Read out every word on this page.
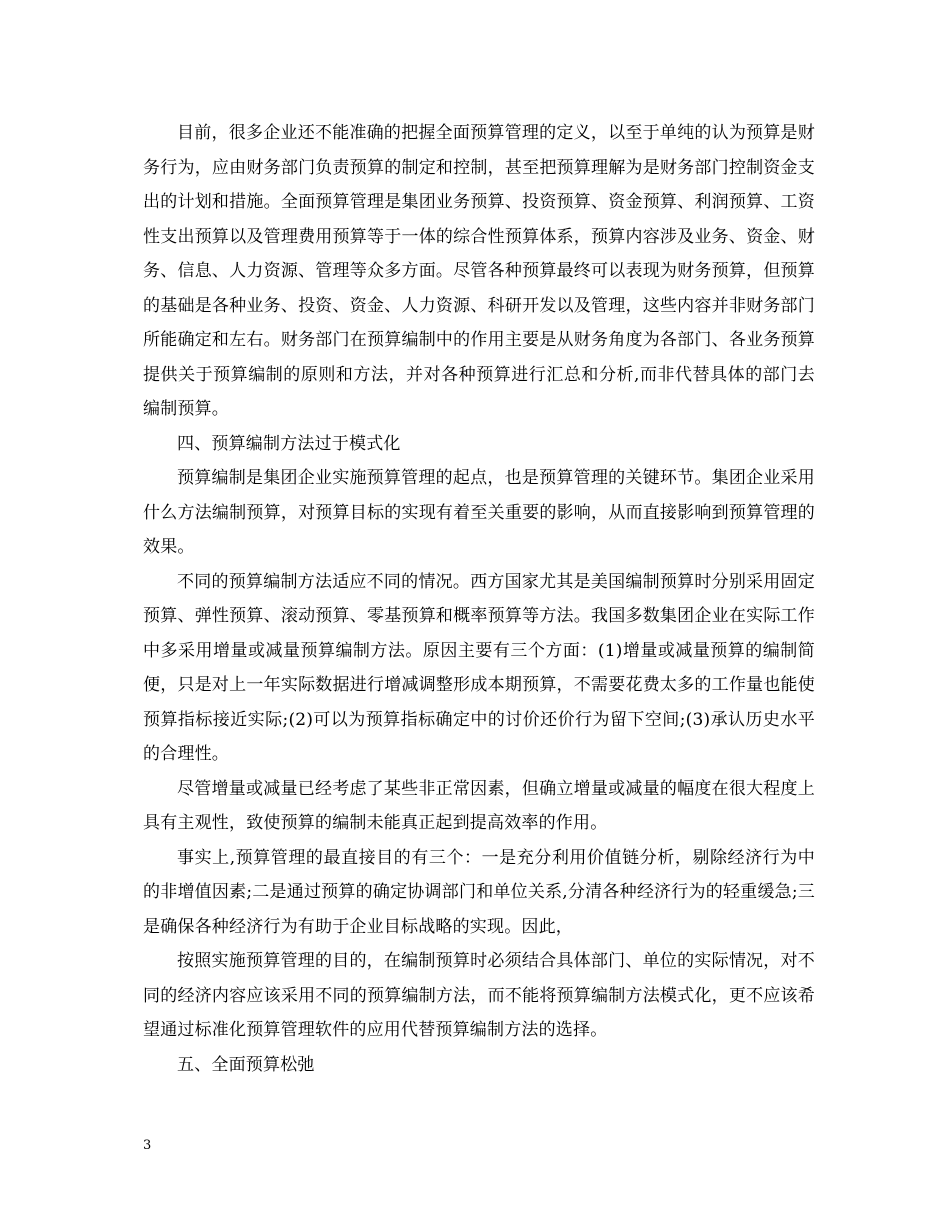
目前，很多企业还不能准确的把握全面预算管理的定义，以至于单纯的认为预算是财务行为，应由财务部门负责预算的制定和控制，甚至把预算理解为是财务部门控制资金支出的计划和措施。全面预算管理是集团业务预算、投资预算、资金预算、利润预算、工资性支出预算以及管理费用预算等于一体的综合性预算体系，预算内容涉及业务、资金、财务、信息、人力资源、管理等众多方面。尽管各种预算最终可以表现为财务预算，但预算的基础是各种业务、投资、资金、人力资源、科研开发以及管理，这些内容并非财务部门所能确定和左右。财务部门在预算编制中的作用主要是从财务角度为各部门、各业务预算提供关于预算编制的原则和方法，并对各种预算进行汇总和分析,而非代替具体的部门去编制预算。

四、预算编制方法过于模式化

预算编制是集团企业实施预算管理的起点，也是预算管理的关键环节。集团企业采用什么方法编制预算，对预算目标的实现有着至关重要的影响，从而直接影响到预算管理的效果。

不同的预算编制方法适应不同的情况。西方国家尤其是美国编制预算时分别采用固定预算、弹性预算、滚动预算、零基预算和概率预算等方法。我国多数集团企业在实际工作中多采用增量或减量预算编制方法。原因主要有三个方面：(1)增量或减量预算的编制简便，只是对上一年实际数据进行增减调整形成本期预算，不需要花费太多的工作量也能使预算指标接近实际;(2)可以为预算指标确定中的讨价还价行为留下空间;(3)承认历史水平的合理性。

尽管增量或减量已经考虑了某些非正常因素，但确立增量或减量的幅度在很大程度上具有主观性，致使预算的编制未能真正起到提高效率的作用。

事实上,预算管理的最直接目的有三个：一是充分利用价值链分析，剔除经济行为中的非增值因素;二是通过预算的确定协调部门和单位关系,分清各种经济行为的轻重缓急;三是确保各种经济行为有助于企业目标战略的实现。因此，

按照实施预算管理的目的，在编制预算时必须结合具体部门、单位的实际情况，对不同的经济内容应该采用不同的预算编制方法，而不能将预算编制方法模式化，更不应该希望通过标准化预算管理软件的应用代替预算编制方法的选择。

五、全面预算松弛

3
